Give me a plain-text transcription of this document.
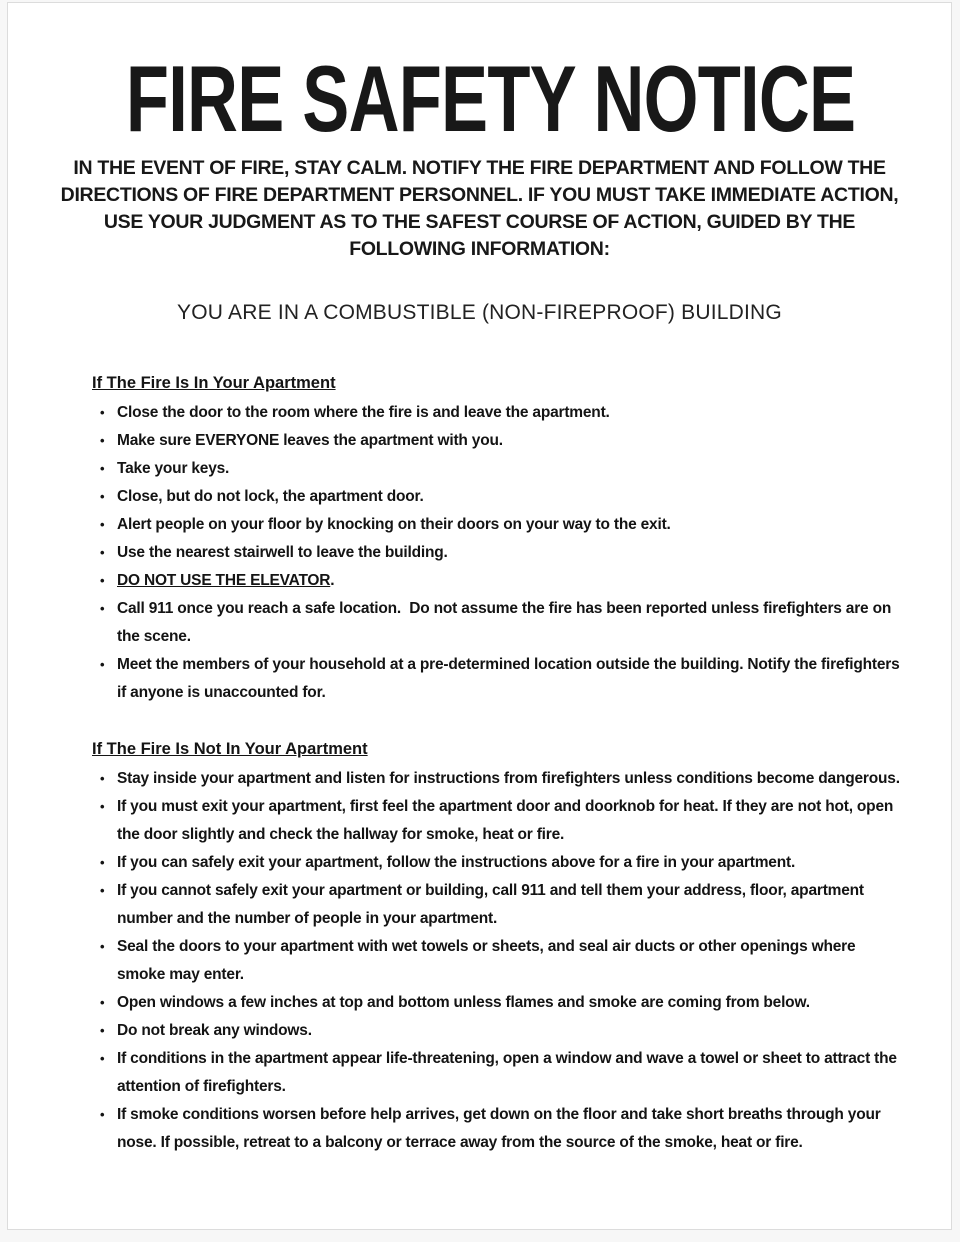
FIRE SAFETY NOTICE

IN THE EVENT OF FIRE, STAY CALM. NOTIFY THE FIRE DEPARTMENT AND FOLLOW THE DIRECTIONS OF FIRE DEPARTMENT PERSONNEL. IF YOU MUST TAKE IMMEDIATE ACTION, USE YOUR JUDGMENT AS TO THE SAFEST COURSE OF ACTION, GUIDED BY THE FOLLOWING INFORMATION:

YOU ARE IN A COMBUSTIBLE (NON-FIREPROOF) BUILDING

If The Fire Is In Your Apartment
• Close the door to the room where the fire is and leave the apartment.
• Make sure EVERYONE leaves the apartment with you.
• Take your keys.
• Close, but do not lock, the apartment door.
• Alert people on your floor by knocking on their doors on your way to the exit.
• Use the nearest stairwell to leave the building.
• DO NOT USE THE ELEVATOR.
• Call 911 once you reach a safe location.  Do not assume the fire has been reported unless firefighters are on the scene.
• Meet the members of your household at a pre-determined location outside the building. Notify the firefighters if anyone is unaccounted for.
If The Fire Is Not In Your Apartment
• Stay inside your apartment and listen for instructions from firefighters unless conditions become dangerous.
• If you must exit your apartment, first feel the apartment door and doorknob for heat. If they are not hot, open the door slightly and check the hallway for smoke, heat or fire.
• If you can safely exit your apartment, follow the instructions above for a fire in your apartment.
• If you cannot safely exit your apartment or building, call 911 and tell them your address, floor, apartment number and the number of people in your apartment.
• Seal the doors to your apartment with wet towels or sheets, and seal air ducts or other openings where smoke may enter.
• Open windows a few inches at top and bottom unless flames and smoke are coming from below.
• Do not break any windows.
• If conditions in the apartment appear life-threatening, open a window and wave a towel or sheet to attract the attention of firefighters.
• If smoke conditions worsen before help arrives, get down on the floor and take short breaths through your nose. If possible, retreat to a balcony or terrace away from the source of the smoke, heat or fire.
